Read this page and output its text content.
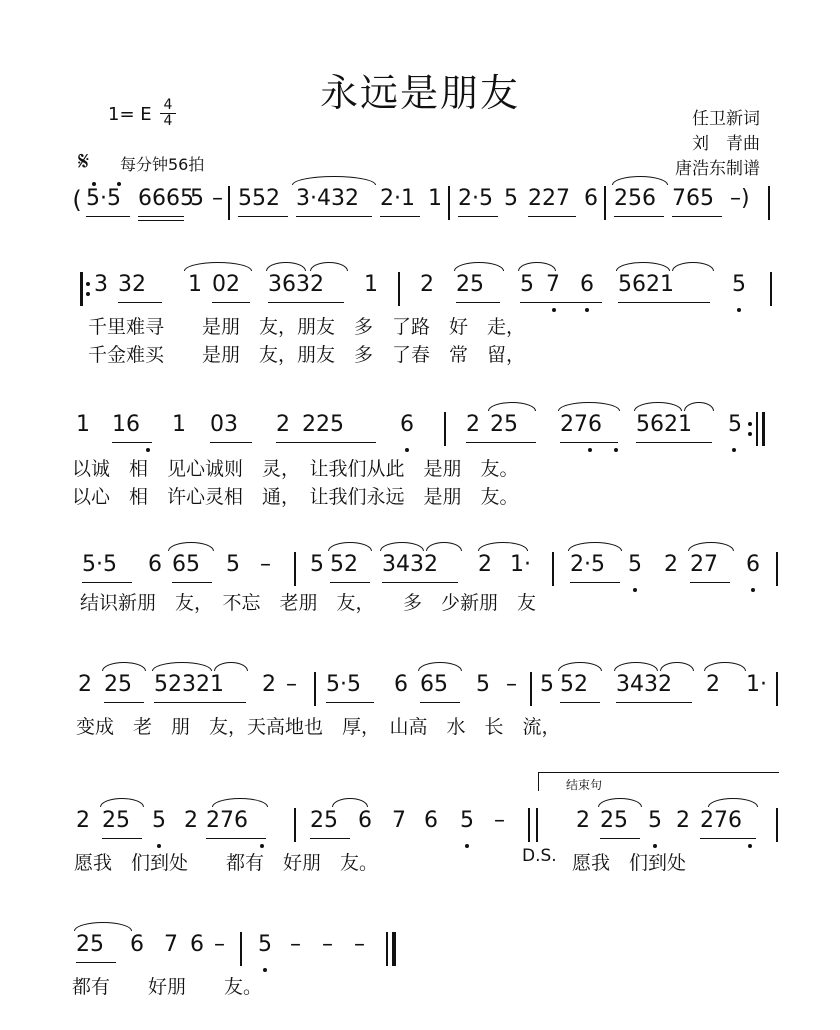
永远是朋友
1= E 4
4	任卫新词
刘　青曲
唐浩东制谱
𝄋 每分钟56拍
( 5·5 6665
5 – 552 3·432 2·1 1 2·5 5 227 6 256 765 –)
3 32 1 02 3632 1 2 25 5 7 6 5621	5
千里难寻　　是朋　友，朋友　多　了路　好　走，
千金难买　　是朋　友，朋友　多　了春　常　留，
1 16 1 03 2 225	6 2 25 276 5621 5
以诚　相　见心诚则　灵，　让我们从此　是朋　友。
以心　相　许心灵相　通，　让我们永远　是朋　友。
5·5 6 65 5 – 5 52 3432 2 1· 2·5 5 2 27 6
结识新朋　友，　不忘　老朋　友，　　多　少新朋　友
2 25 52321 2 – 5·5 6 65 5 – 5 52 3432 2 1·
变成　老　朋　友，天高地也　厚，　山高　水　长　流，
结束句
2 25 5 2 276	25 6 7 6 5 –	2 25 5 2 276
愿我　们到处　　都有　好朋　友。	D.S. 愿我　们到处
25 6 7 6 – 5 – – –
都有　　好朋　　友。
